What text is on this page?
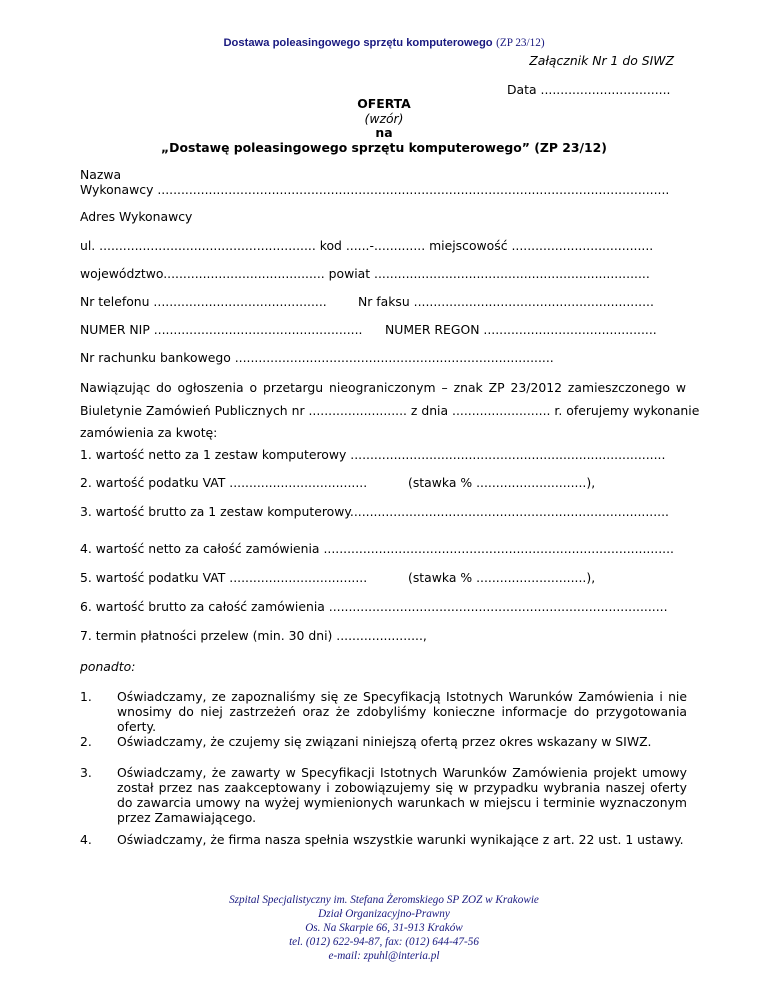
Dostawa poleasingowego sprzętu komputerowego (ZP 23/12)
Załącznik Nr 1 do SIWZ
Data .................................
OFERTA
(wzór)
na
„Dostawę poleasingowego sprzętu komputerowego” (ZP 23/12)
Nazwa
Wykonawcy ..................................................................................................................................
Adres Wykonawcy
ul. ....................................................... kod ......-............. miejscowość ....................................
województwo......................................... powiat ......................................................................
Nr telefonu ............................................	Nr faksu .............................................................
NUMER NIP ..................................................... NUMER REGON ............................................
Nr rachunku bankowego .................................................................................
Nawiązując do ogłoszenia o przetargu nieograniczonym – znak ZP 23/2012 zamieszczonego w
Biuletynie Zamówień Publicznych nr ......................... z dnia ......................... r. oferujemy wykonanie
zamówienia za kwotę:
1. wartość netto za 1 zestaw komputerowy ................................................................................
2. wartość podatku VAT ...................................	(stawka % ............................),
3. wartość brutto za 1 zestaw komputerowy.................................................................................
4. wartość netto za całość zamówienia .........................................................................................
5. wartość podatku VAT ...................................	(stawka % ............................),
6. wartość brutto za całość zamówienia ......................................................................................
7. termin płatności przelew (min. 30 dni) ......................,
ponadto:
1. Oświadczamy, ze zapoznaliśmy się ze Specyfikacją Istotnych Warunków Zamówienia i nie wnosimy do niej zastrzeżeń oraz że zdobyliśmy konieczne informacje do przygotowania oferty.
2. Oświadczamy, że czujemy się związani niniejszą ofertą przez okres wskazany w SIWZ.
3. Oświadczamy, że zawarty w Specyfikacji Istotnych Warunków Zamówienia projekt umowy został przez nas zaakceptowany i zobowiązujemy się w przypadku wybrania naszej oferty do zawarcia umowy na wyżej wymienionych warunkach w miejscu i terminie wyznaczonym przez Zamawiającego.
4. Oświadczamy, że firma nasza spełnia wszystkie warunki wynikające z art. 22 ust. 1 ustawy.
Szpital Specjalistyczny im. Stefana Żeromskiego SP ZOZ w Krakowie
Dział Organizacyjno-Prawny
Os. Na Skarpie 66, 31-913 Kraków
tel. (012) 622-94-87, fax: (012) 644-47-56
e-mail: zpuhl@interia.pl
